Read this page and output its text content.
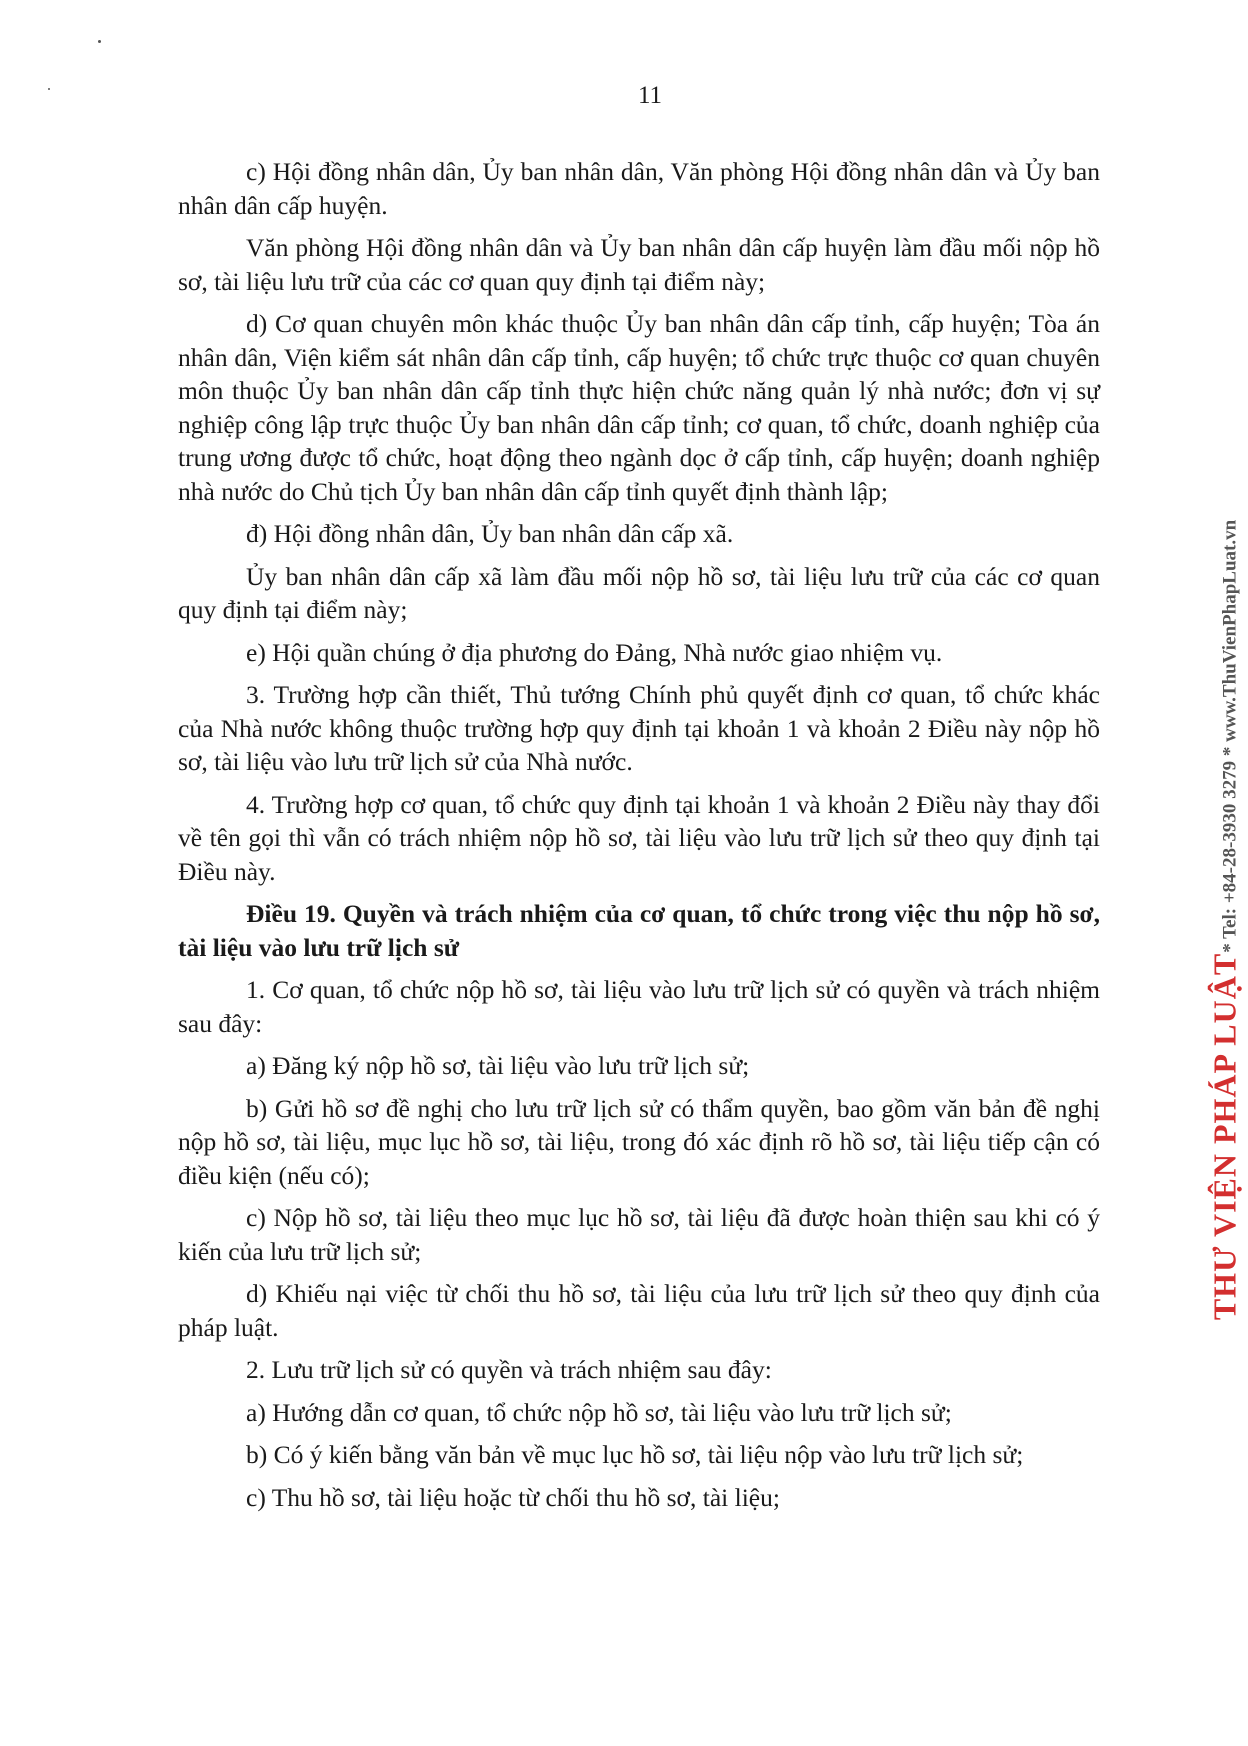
11

c) Hội đồng nhân dân, Ủy ban nhân dân, Văn phòng Hội đồng nhân dân và Ủy ban nhân dân cấp huyện.

Văn phòng Hội đồng nhân dân và Ủy ban nhân dân cấp huyện làm đầu mối nộp hồ sơ, tài liệu lưu trữ của các cơ quan quy định tại điểm này;

d) Cơ quan chuyên môn khác thuộc Ủy ban nhân dân cấp tỉnh, cấp huyện; Tòa án nhân dân, Viện kiểm sát nhân dân cấp tỉnh, cấp huyện; tổ chức trực thuộc cơ quan chuyên môn thuộc Ủy ban nhân dân cấp tỉnh thực hiện chức năng quản lý nhà nước; đơn vị sự nghiệp công lập trực thuộc Ủy ban nhân dân cấp tỉnh; cơ quan, tổ chức, doanh nghiệp của trung ương được tổ chức, hoạt động theo ngành dọc ở cấp tỉnh, cấp huyện; doanh nghiệp nhà nước do Chủ tịch Ủy ban nhân dân cấp tỉnh quyết định thành lập;

đ) Hội đồng nhân dân, Ủy ban nhân dân cấp xã.

Ủy ban nhân dân cấp xã làm đầu mối nộp hồ sơ, tài liệu lưu trữ của các cơ quan quy định tại điểm này;

e) Hội quần chúng ở địa phương do Đảng, Nhà nước giao nhiệm vụ.

3. Trường hợp cần thiết, Thủ tướng Chính phủ quyết định cơ quan, tổ chức khác của Nhà nước không thuộc trường hợp quy định tại khoản 1 và khoản 2 Điều này nộp hồ sơ, tài liệu vào lưu trữ lịch sử của Nhà nước.

4. Trường hợp cơ quan, tổ chức quy định tại khoản 1 và khoản 2 Điều này thay đổi về tên gọi thì vẫn có trách nhiệm nộp hồ sơ, tài liệu vào lưu trữ lịch sử theo quy định tại Điều này.

Điều 19. Quyền và trách nhiệm của cơ quan, tổ chức trong việc thu nộp hồ sơ, tài liệu vào lưu trữ lịch sử

1. Cơ quan, tổ chức nộp hồ sơ, tài liệu vào lưu trữ lịch sử có quyền và trách nhiệm sau đây:

a) Đăng ký nộp hồ sơ, tài liệu vào lưu trữ lịch sử;

b) Gửi hồ sơ đề nghị cho lưu trữ lịch sử có thẩm quyền, bao gồm văn bản đề nghị nộp hồ sơ, tài liệu, mục lục hồ sơ, tài liệu, trong đó xác định rõ hồ sơ, tài liệu tiếp cận có điều kiện (nếu có);

c) Nộp hồ sơ, tài liệu theo mục lục hồ sơ, tài liệu đã được hoàn thiện sau khi có ý kiến của lưu trữ lịch sử;

d) Khiếu nại việc từ chối thu hồ sơ, tài liệu của lưu trữ lịch sử theo quy định của pháp luật.

2. Lưu trữ lịch sử có quyền và trách nhiệm sau đây:

a) Hướng dẫn cơ quan, tổ chức nộp hồ sơ, tài liệu vào lưu trữ lịch sử;

b) Có ý kiến bằng văn bản về mục lục hồ sơ, tài liệu nộp vào lưu trữ lịch sử;

c) Thu hồ sơ, tài liệu hoặc từ chối thu hồ sơ, tài liệu;

THƯ VIỆN PHÁP LUẬT* Tel: +84-28-3930 3279 * www.ThuVienPhapLuat.vn
